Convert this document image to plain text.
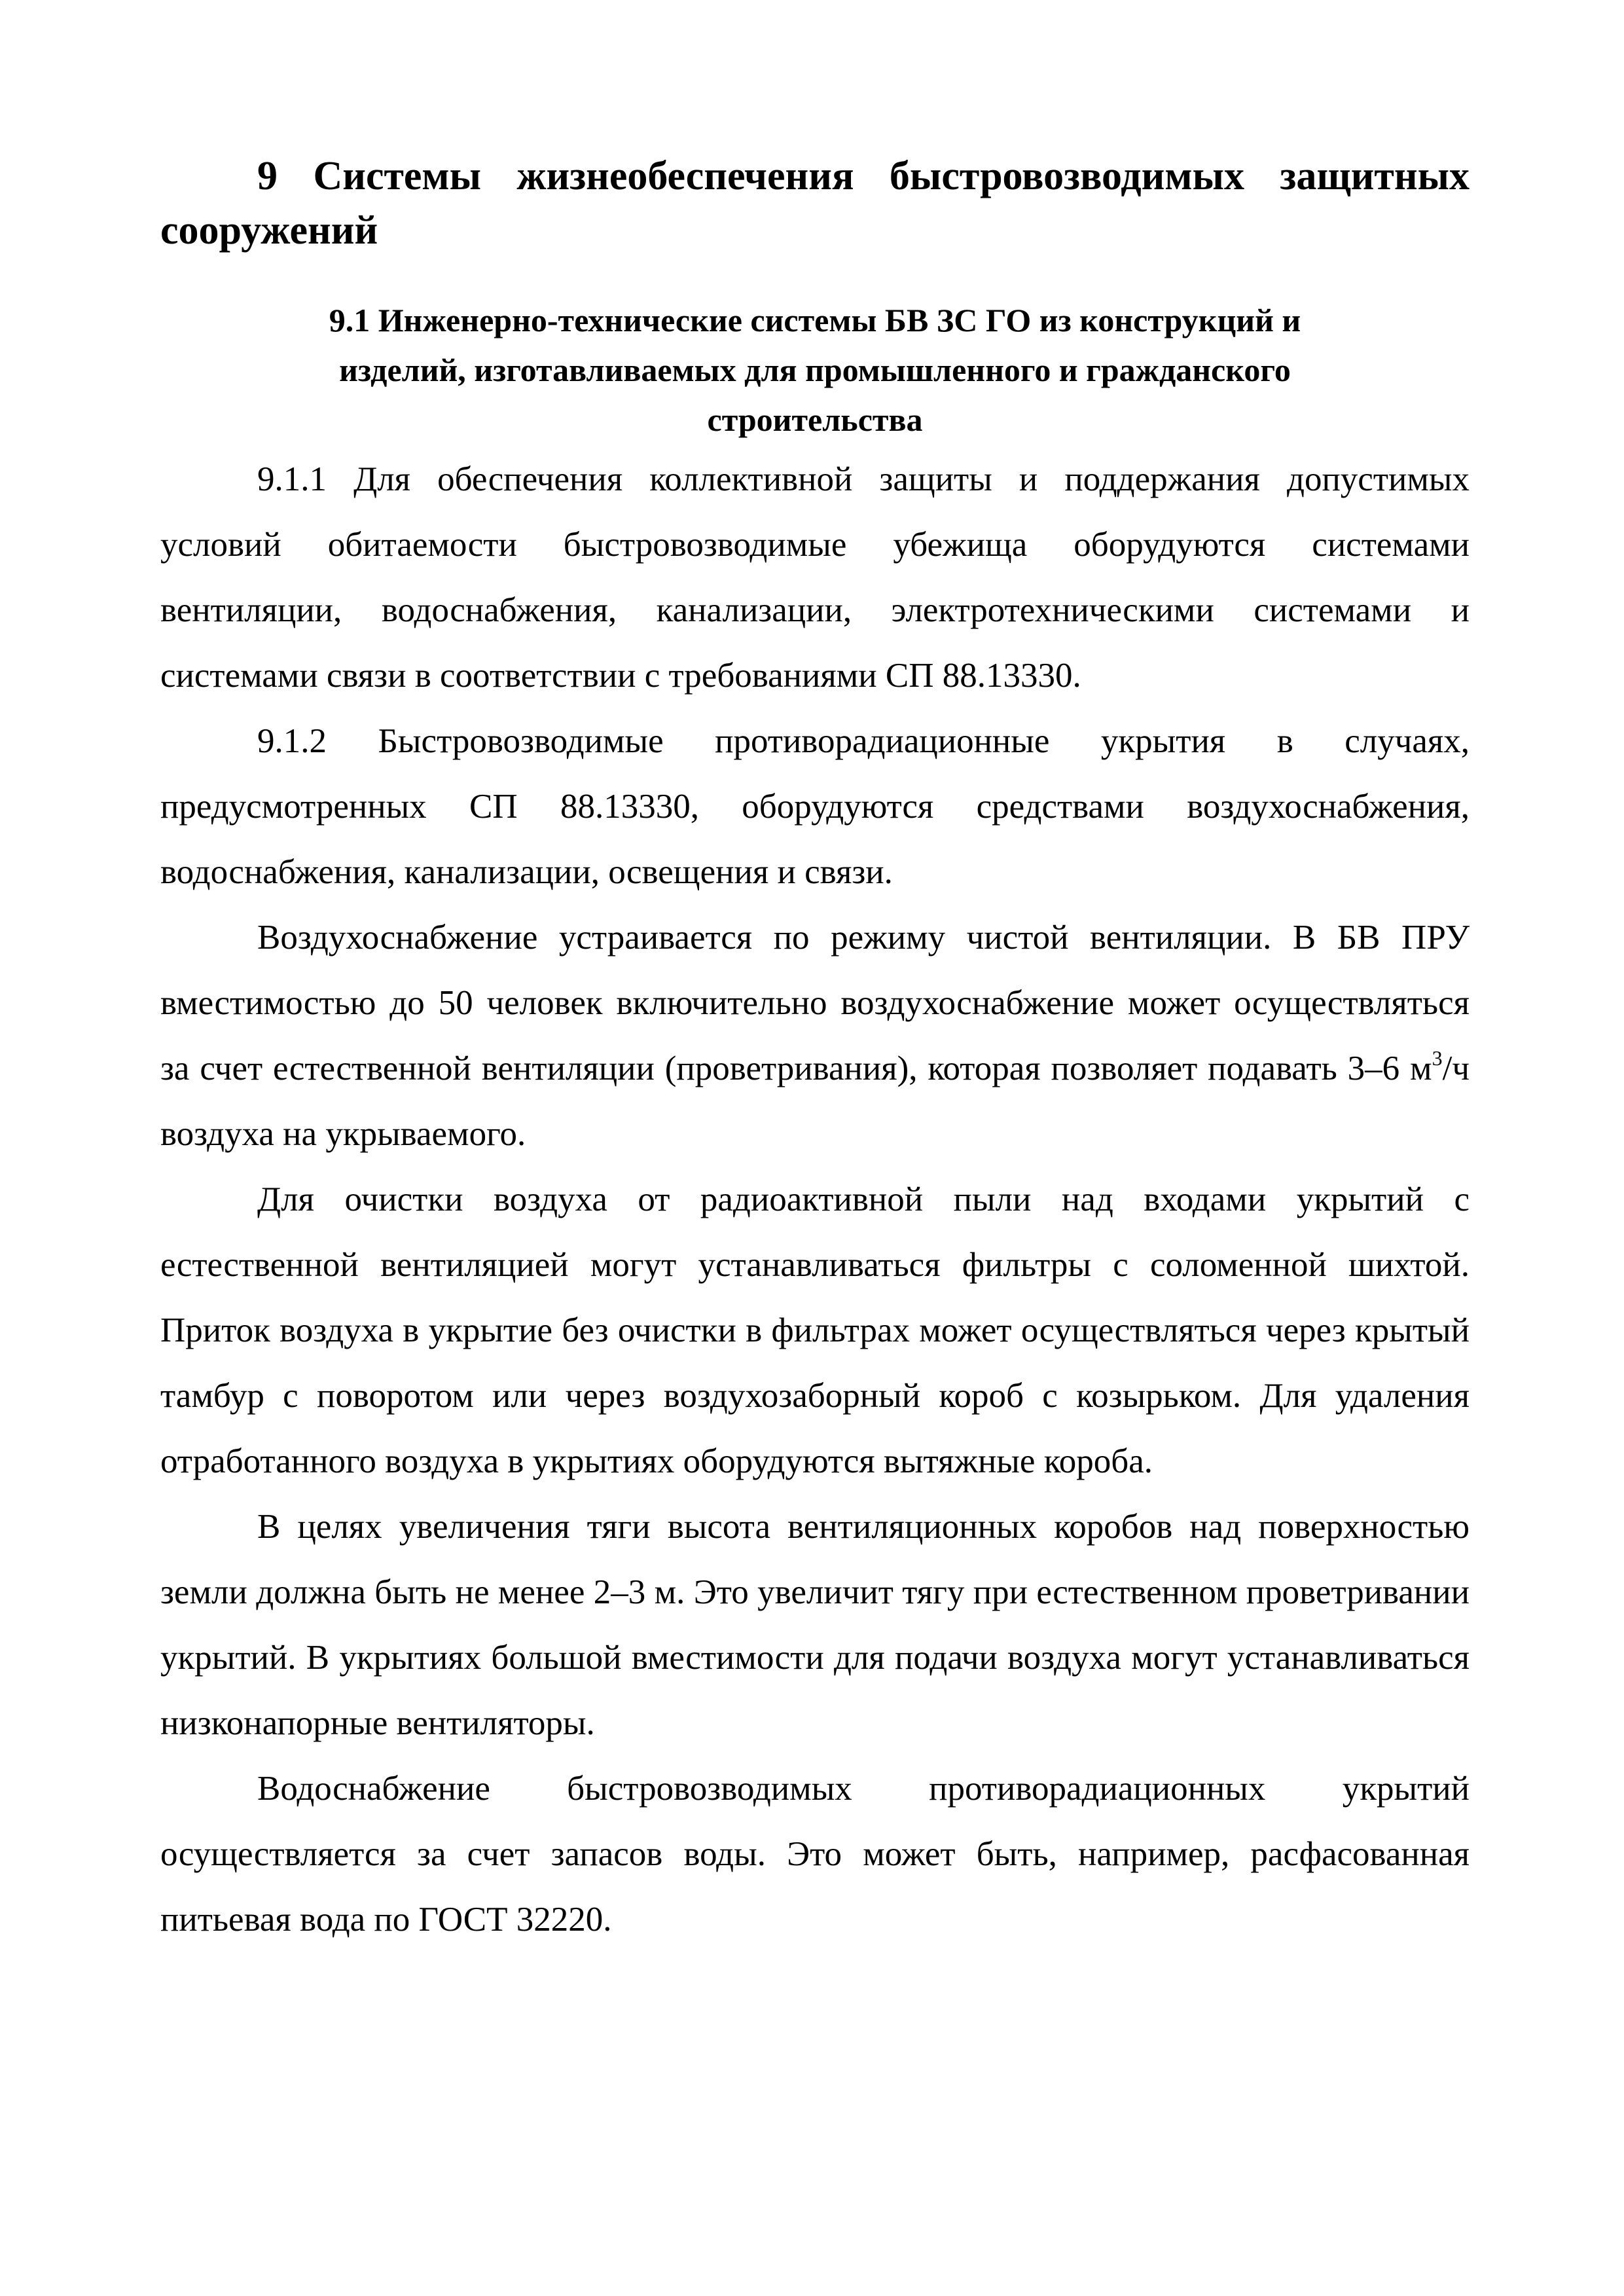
9 Системы жизнеобеспечения быстровозводимых защитных сооружений
9.1 Инженерно-технические системы БВ ЗС ГО из конструкций и
изделий, изготавливаемых для промышленного и гражданского
строительства

9.1.1 Для обеспечения коллективной защиты и поддержания допустимых условий обитаемости быстровозводимые убежища оборудуются системами вентиляции, водоснабжения, канализации, электротехническими системами и системами связи в соответствии с требованиями СП 88.13330.

9.1.2 Быстровозводимые противорадиационные укрытия в случаях, предусмотренных СП 88.13330, оборудуются средствами воздухоснабжения, водоснабжения, канализации, освещения и связи.

Воздухоснабжение устраивается по режиму чистой вентиляции. В БВ ПРУ вместимостью до 50 человек включительно воздухоснабжение может осуществляться за счет естественной вентиляции (проветривания), которая позволяет подавать 3–6 $м^3/ч$ воздуха на укрываемого.

Для очистки воздуха от радиоактивной пыли над входами укрытий с естественной вентиляцией могут устанавливаться фильтры с соломенной шихтой. Приток воздуха в укрытие без очистки в фильтрах может осуществляться через крытый тамбур с поворотом или через воздухозаборный короб с козырьком. Для удаления отработанного воздуха в укрытиях оборудуются вытяжные короба.

В целях увеличения тяги высота вентиляционных коробов над поверхностью земли должна быть не менее 2–3 м. Это увеличит тягу при естественном проветривании укрытий. В укрытиях большой вместимости для подачи воздуха могут устанавливаться низконапорные вентиляторы.

Водоснабжение быстровозводимых противорадиационных укрытий осуществляется за счет запасов воды. Это может быть, например, расфасованная питьевая вода по ГОСТ 32220.
